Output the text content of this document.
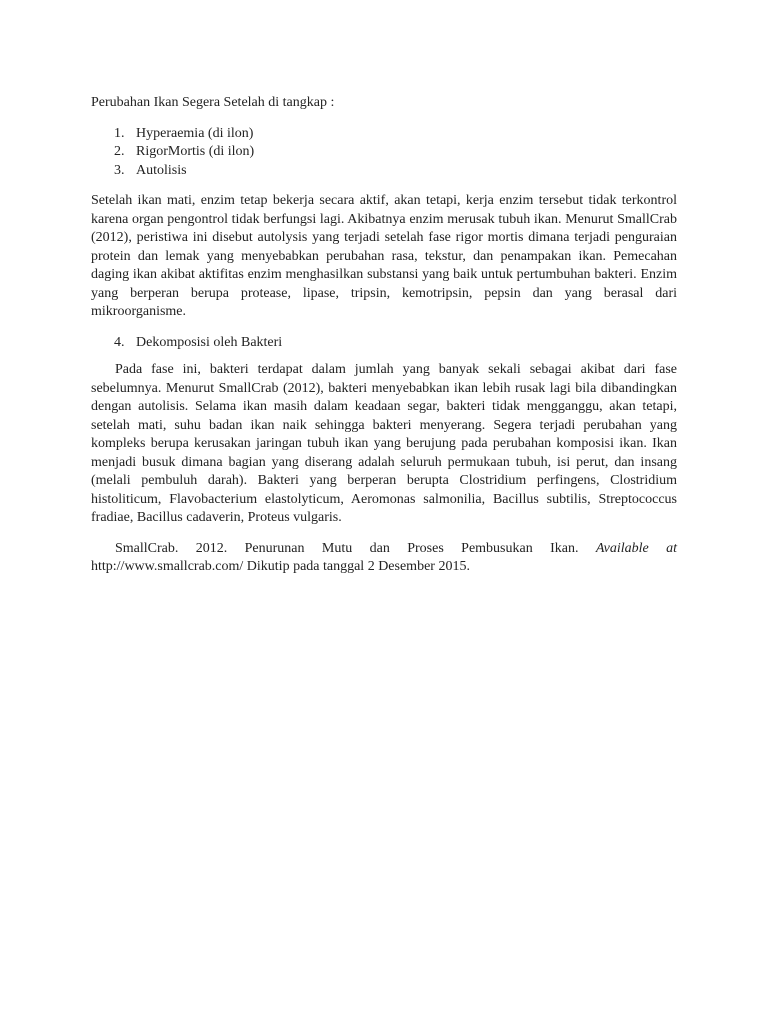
Perubahan Ikan Segera Setelah di tangkap :

1. Hyperaemia (di ilon)
2. RigorMortis (di ilon)
3. Autolisis

Setelah ikan mati, enzim tetap bekerja secara aktif, akan tetapi, kerja enzim tersebut tidak terkontrol karena organ pengontrol tidak berfungsi lagi. Akibatnya enzim merusak tubuh ikan. Menurut SmallCrab (2012), peristiwa ini disebut autolysis yang terjadi setelah fase rigor mortis dimana terjadi penguraian protein dan lemak yang menyebabkan perubahan rasa, tekstur, dan penampakan ikan. Pemecahan daging ikan akibat aktifitas enzim menghasilkan substansi yang baik untuk pertumbuhan bakteri. Enzim yang berperan berupa protease, lipase, tripsin, kemotripsin, pepsin dan yang berasal dari mikroorganisme.

4. Dekomposisi oleh Bakteri

Pada fase ini, bakteri terdapat dalam jumlah yang banyak sekali sebagai akibat dari fase sebelumnya. Menurut SmallCrab (2012), bakteri menyebabkan ikan lebih rusak lagi bila dibandingkan dengan autolisis. Selama ikan masih dalam keadaan segar, bakteri tidak mengganggu, akan tetapi, setelah mati, suhu badan ikan naik sehingga bakteri menyerang. Segera terjadi perubahan yang kompleks berupa kerusakan jaringan tubuh ikan yang berujung pada perubahan komposisi ikan. Ikan menjadi busuk dimana bagian yang diserang adalah seluruh permukaan tubuh, isi perut, dan insang (melali pembuluh darah). Bakteri yang berperan berupta Clostridium perfingens, Clostridium histoliticum, Flavobacterium elastolyticum, Aeromonas salmonilia, Bacillus subtilis, Streptococcus fradiae, Bacillus cadaverin, Proteus vulgaris.

SmallCrab. 2012. Penurunan Mutu dan Proses Pembusukan Ikan. Available at http://www.smallcrab.com/ Dikutip pada tanggal 2 Desember 2015.
